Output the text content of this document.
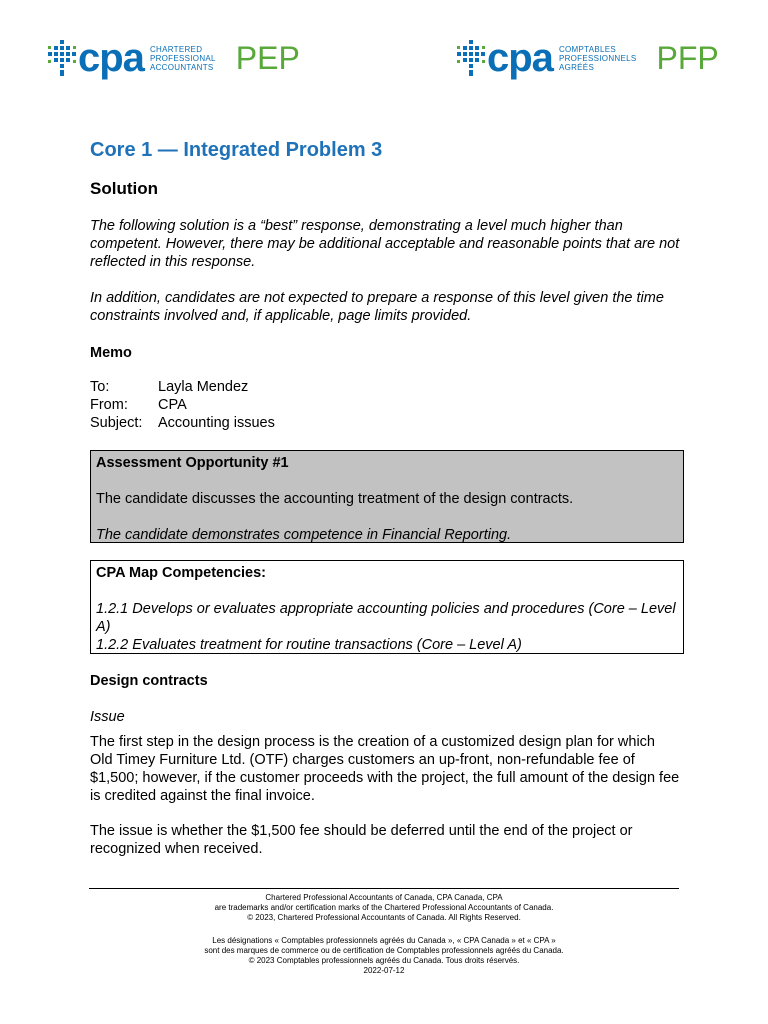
cpa CHARTERED
PROFESSIONAL
ACCOUNTANTS PEP	cpa COMPTABLES
PROFESSIONNELS
AGRÉÉS	PFP
Core 1 — Integrated Problem 3
Solution
The following solution is a “best” response, demonstrating a level much higher than competent. However, there may be additional acceptable and reasonable points that are not reflected in this response.
In addition, candidates are not expected to prepare a response of this level given the time constraints involved and, if applicable, page limits provided.
Memo
To:	Layla Mendez
From:	CPA
Subject:	Accounting issues

Assessment Opportunity #1

The candidate discusses the accounting treatment of the design contracts.

The candidate demonstrates competence in Financial Reporting.

CPA Map Competencies:

1.2.1 Develops or evaluates appropriate accounting policies and procedures (Core – Level A)

1.2.2 Evaluates treatment for routine transactions (Core – Level A)

Design contracts
Issue
The first step in the design process is the creation of a customized design plan for which Old Timey Furniture Ltd. (OTF) charges customers an up-front, non-refundable fee of $1,500; however, if the customer proceeds with the project, the full amount of the design fee is credited against the final invoice.
The issue is whether the $1,500 fee should be deferred until the end of the project or recognized when received.
Chartered Professional Accountants of Canada, CPA Canada, CPA
are trademarks and/or certification marks of the Chartered Professional Accountants of Canada.
© 2023, Chartered Professional Accountants of Canada. All Rights Reserved.
Les désignations « Comptables professionnels agréés du Canada », « CPA Canada » et « CPA »
sont des marques de commerce ou de certification de Comptables professionnels agréés du Canada.
© 2023 Comptables professionnels agréés du Canada. Tous droits réservés.
2022-07-12
